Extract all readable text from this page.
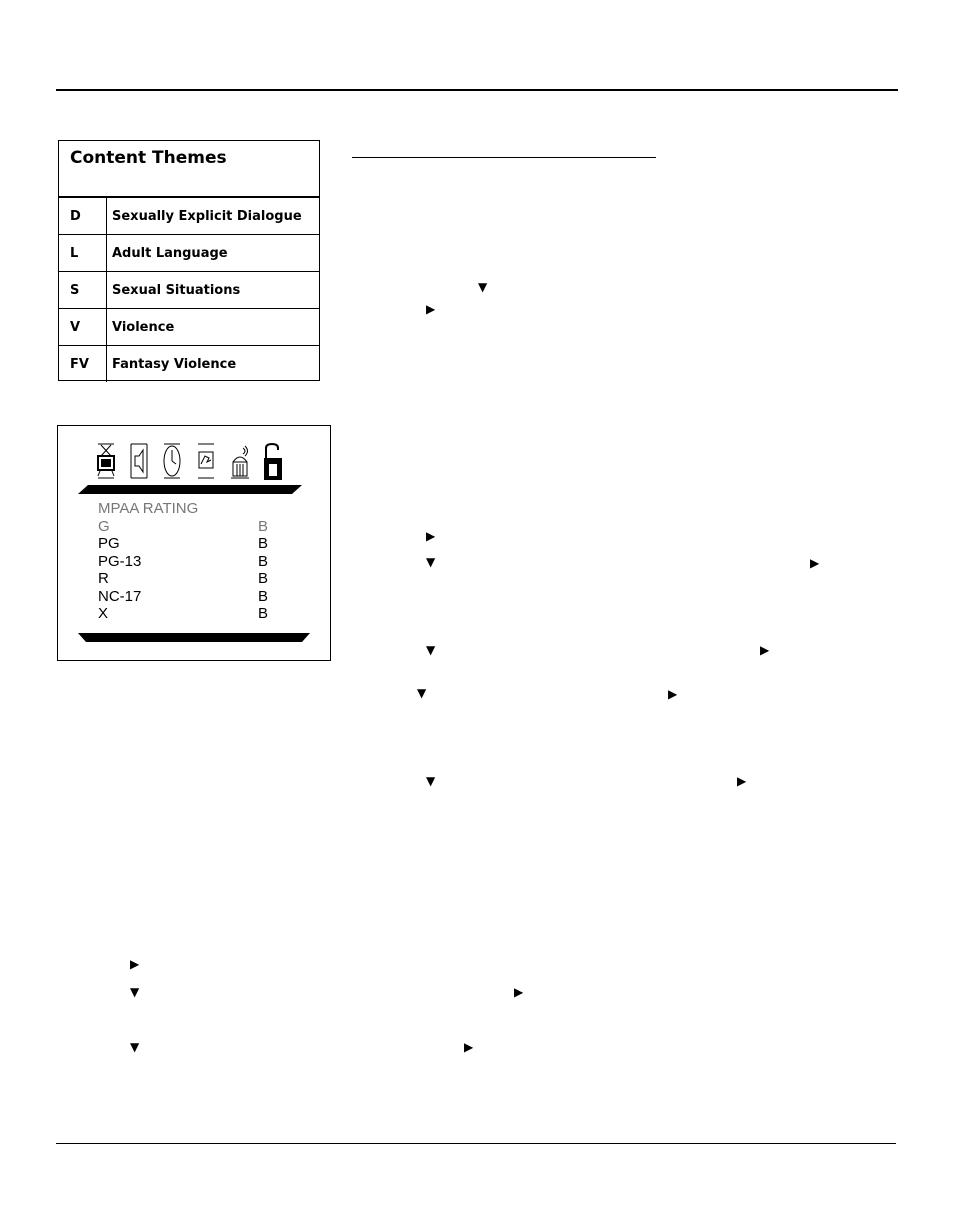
Content Themes
D	Sexually Explicit Dialogue
L	Adult Language
S	Sexual Situations
V	Violence
FV	Fantasy Violence
MPAA RATING
G	B
PG	B
PG-13	B
R	B
NC-17	B
X	B
▼
▶
▶
▼	▶
▼	▶
▼	▶
▼	▶
▶
▼	▶
▼	▶
